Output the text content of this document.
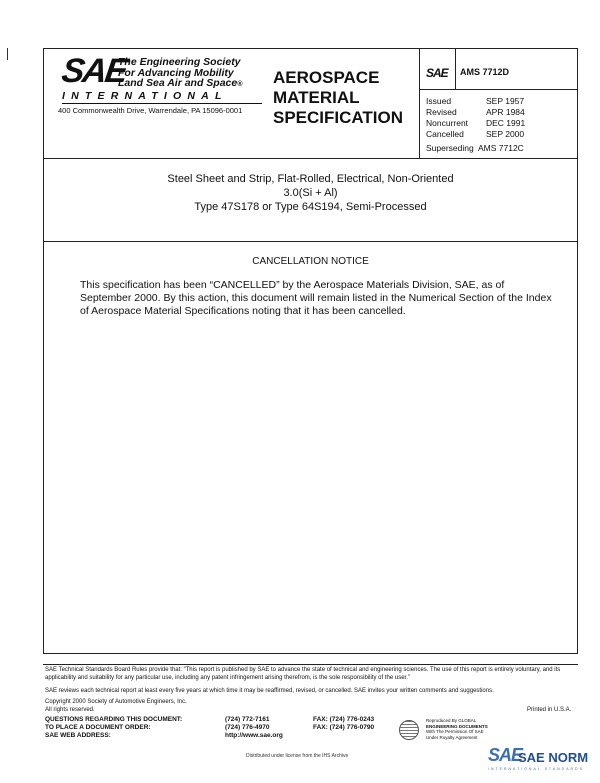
SAE
The Engineering Society
For Advancing Mobility
Land Sea Air and Space®
INTERNATIONAL
400 Commonwealth Drive, Warrendale, PA 15096-0001
AEROSPACE
MATERIAL
SPECIFICATION
SAE AMS 7712D
Issued	SEP 1957
Revised	APR 1984
Noncurrent	DEC 1991
Cancelled	SEP 2000
Superseding  AMS 7712C
Steel Sheet and Strip, Flat-Rolled, Electrical, Non-Oriented
3.0(Si + Al)
Type 47S178 or Type 64S194, Semi-Processed
CANCELLATION NOTICE
This specification has been “CANCELLED” by the Aerospace Materials Division, SAE, as of September 2000. By this action, this document will remain listed in the Numerical Section of the Index of Aerospace Material Specifications noting that it has been cancelled.
SAE Technical Standards Board Rules provide that: “This report is published by SAE to advance the state of technical and engineering sciences. The use of this report is entirely voluntary, and its applicability and suitability for any particular use, including any patent infringement arising therefrom, is the sole responsibility of the user.”
SAE reviews each technical report at least every five years at which time it may be reaffirmed, revised, or cancelled. SAE invites your written comments and suggestions.
Copyright 2000 Society of Automotive Engineers, Inc.
All rights reserved.	Printed in U.S.A.
QUESTIONS REGARDING THIS DOCUMENT:	(724) 772-7161	FAX: (724) 776-0243
TO PLACE A DOCUMENT ORDER:	(724) 776-4970	FAX: (724) 776-0790
SAE WEB ADDRESS:	http://www.sae.org
Reproduced By GLOBAL
ENGINEERING DOCUMENTS
With The Permission Of SAE
Under Royalty Agreement
Distributed under license from the IHS Archive	SAE
SAE NORM
INTERNATIONAL STANDARDS
